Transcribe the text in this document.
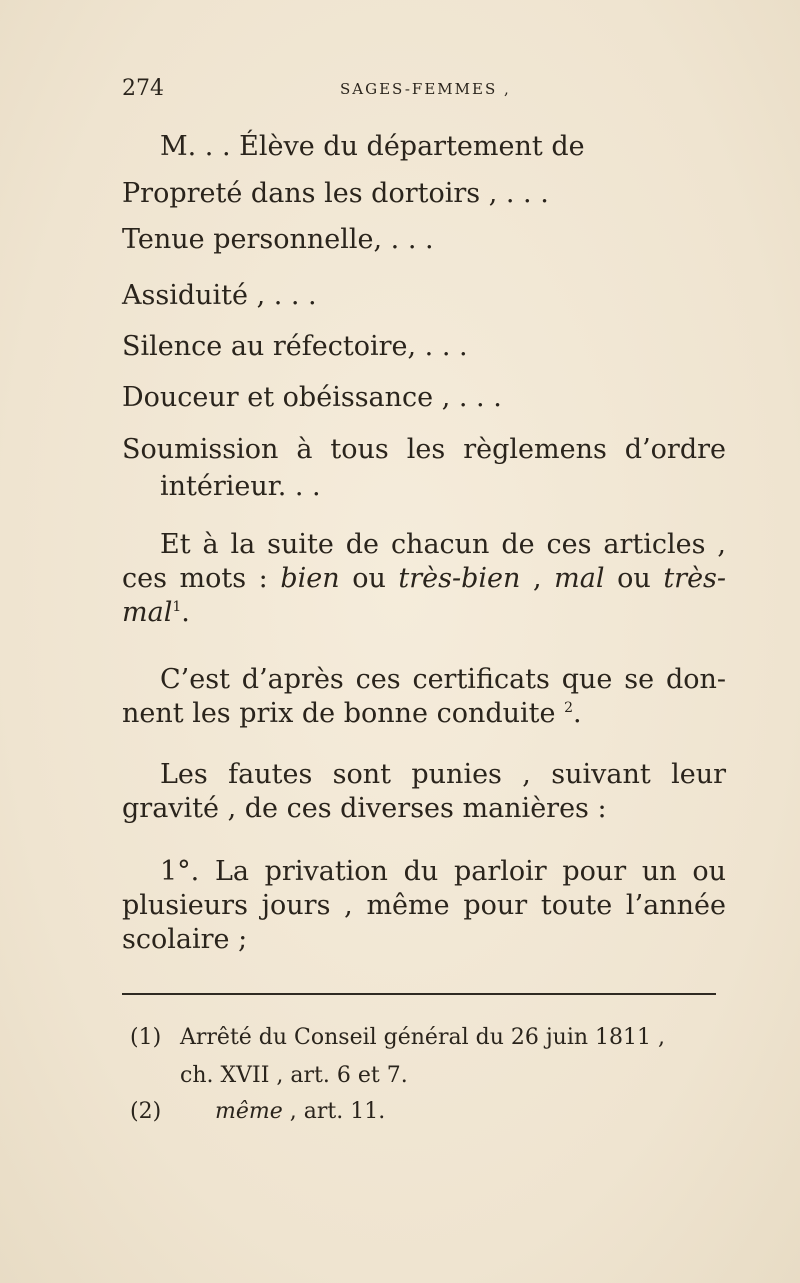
274	SAGES-FEMMES ,
M. . . Élève du département de
Propreté dans les dortoirs , . . .
Tenue personnelle, . . .
Assiduité , . . .
Silence au réfectoire, . . .
Douceur et obéissance , . . .
Soumission à tous les règlemens d’ordre
intérieur. . .
Et à la suite de chacun de ces articles ,
ces mots : bien ou très-bien , mal ou très-
mal$^1$.
C’est d’après ces certificats que se don-
nent les prix de bonne conduite $^2$.
Les fautes sont punies , suivant leur
gravité , de ces diverses manières :
1°. La privation du parloir pour un ou
plusieurs jours , même pour toute l’année
scolaire ;
(1) Arrêté du Conseil général du 26 juin 1811 ,
ch. XVII , art. 6 et 7.
(2) même , art. 11.
